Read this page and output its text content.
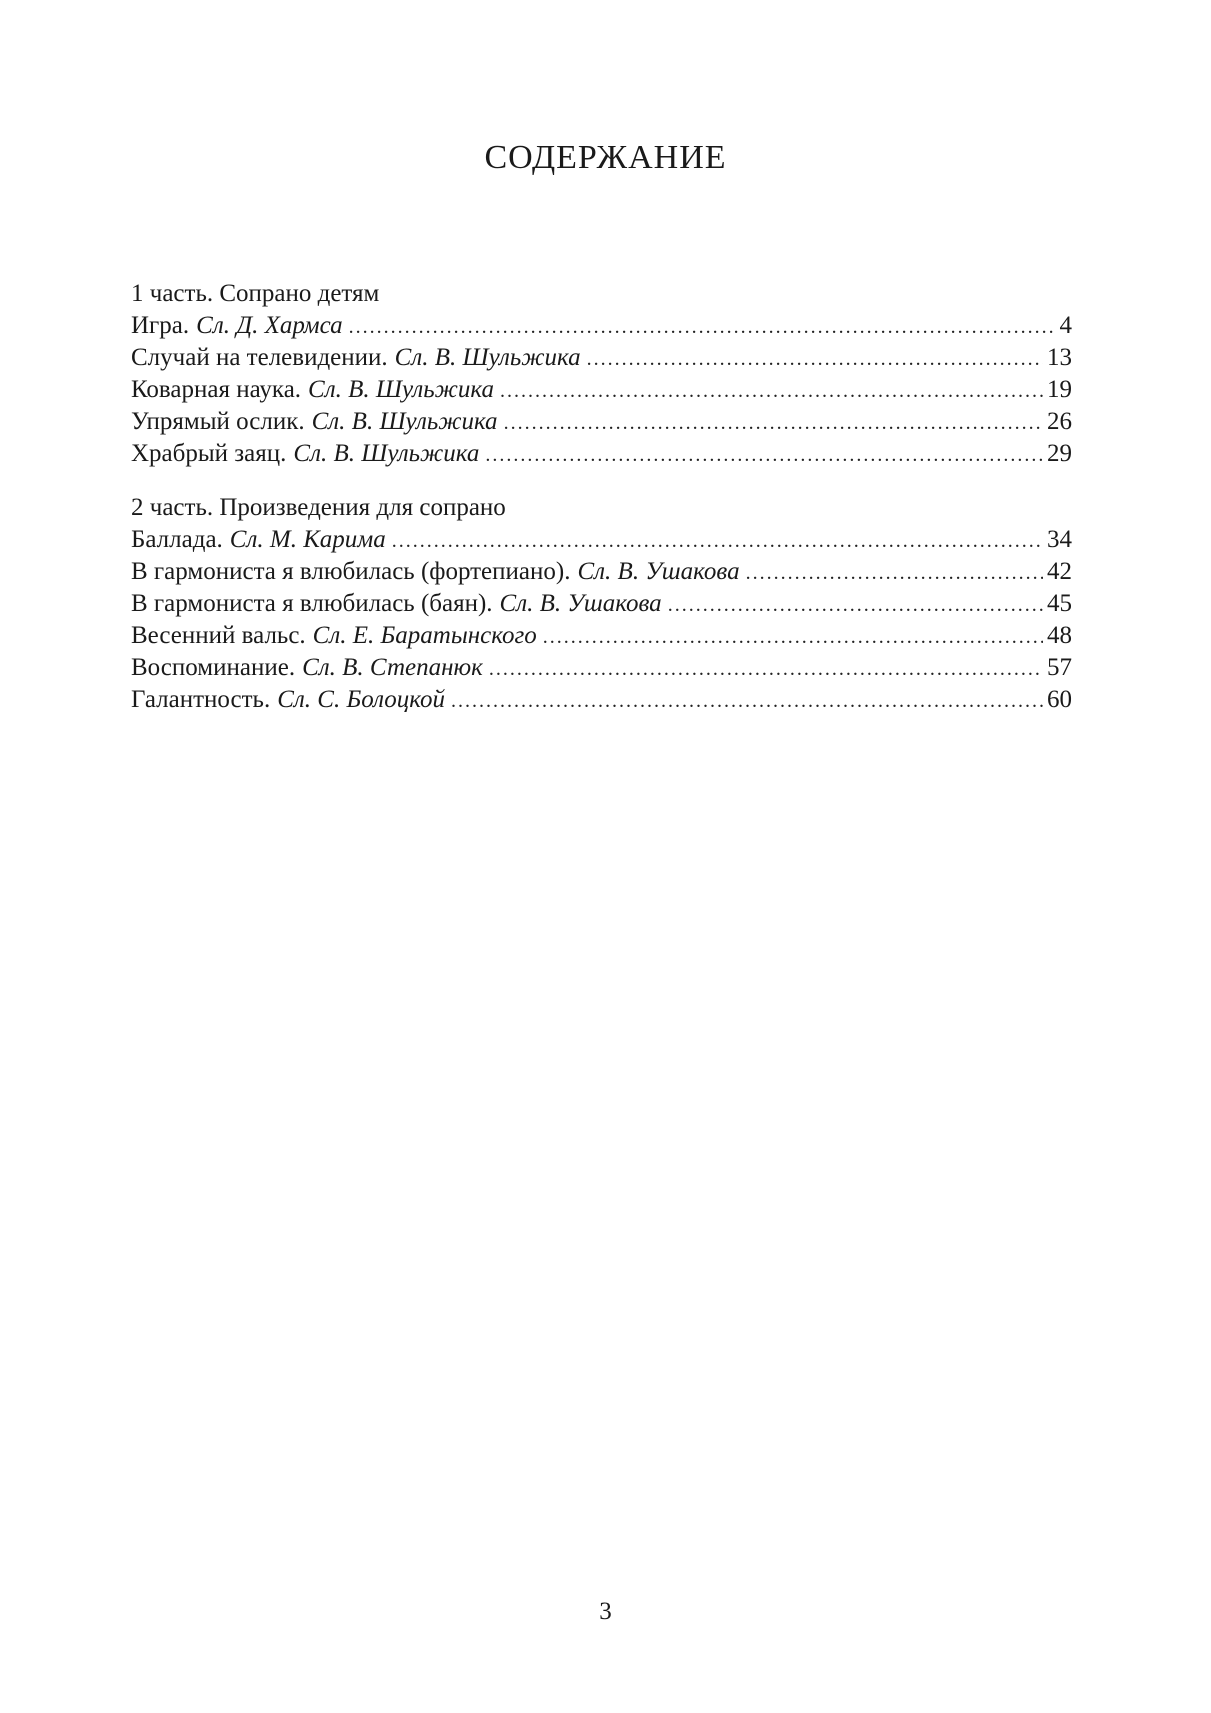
СОДЕРЖАНИЕ
1 часть. Сопрано детям
Игра. Сл. Д. Хармса .....	4
Случай на телевидении. Сл. В. Шульжика .....	13
Коварная наука. Сл. В. Шульжика .....	19
Упрямый ослик. Сл. В. Шульжика .....	26
Храбрый заяц. Сл. В. Шульжика .....	29
2 часть. Произведения для сопрано
Баллада. Сл. М. Карима .....	34
В гармониста я влюбилась (фортепиано). Сл. В. Ушакова .....	42
В гармониста я влюбилась (баян). Сл. В. Ушакова .....	45
Весенний вальс. Сл. Е. Баратынского .....	48
Воспоминание. Сл. В. Степанюк .....	57
Галантность. Сл. С. Болоцкой .....	60
3
